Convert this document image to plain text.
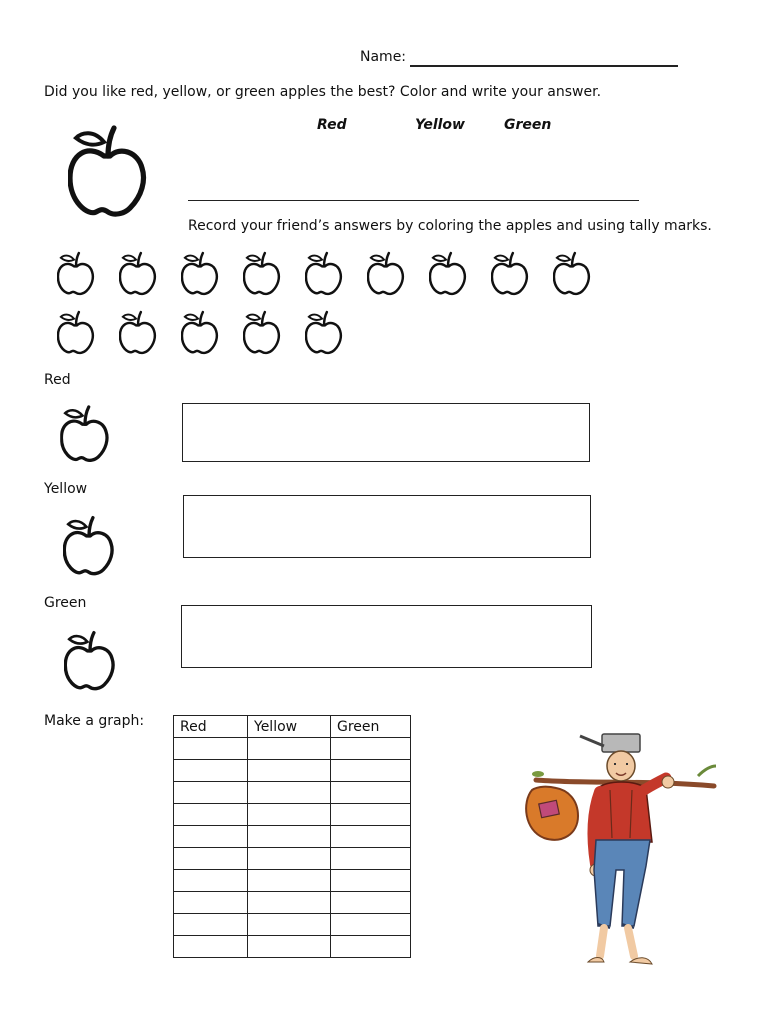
Name:
Did you like red, yellow, or green apples the best? Color and write your answer.
Red	Yellow	Green
Record your friend’s answers by coloring the apples and using tally marks.
Red
Yellow
Green
Make a graph:	Red	Yellow	Green
